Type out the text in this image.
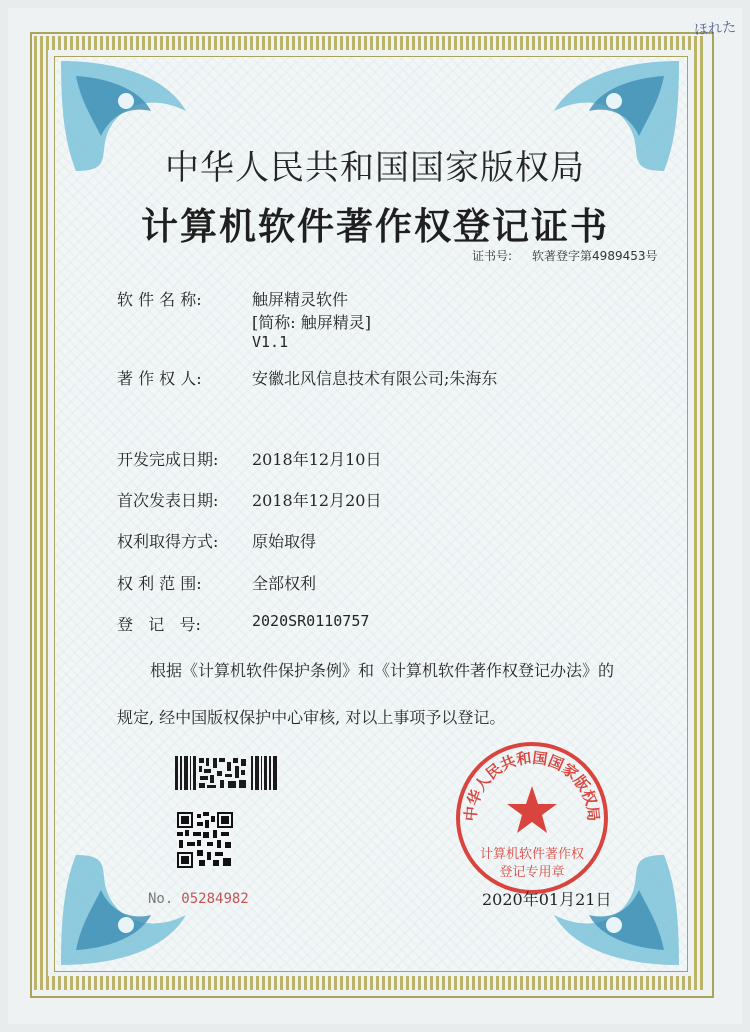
ほれた
中华人民共和国国家版权局
计算机软件著作权登记证书
证书号: 软著登字第4989453号
软 件 名 称:	触屏精灵软件
[简称: 触屏精灵]
V1.1
著 作 权 人:	安徽北风信息技术有限公司;朱海东
开发完成日期: 2018年12月10日
首次发表日期: 2018年12月20日
权利取得方式: 原始取得
权 利 范 围:	全部权利
登   记   号:	2020SR0110757
根据《计算机软件保护条例》和《计算机软件著作权登记办法》的
规定, 经中国版权保护中心审核, 对以上事项予以登记。
No. 05284982
中华人民共和国国家版权局
计算机软件著作权
登记专用章
2020年01月21日
